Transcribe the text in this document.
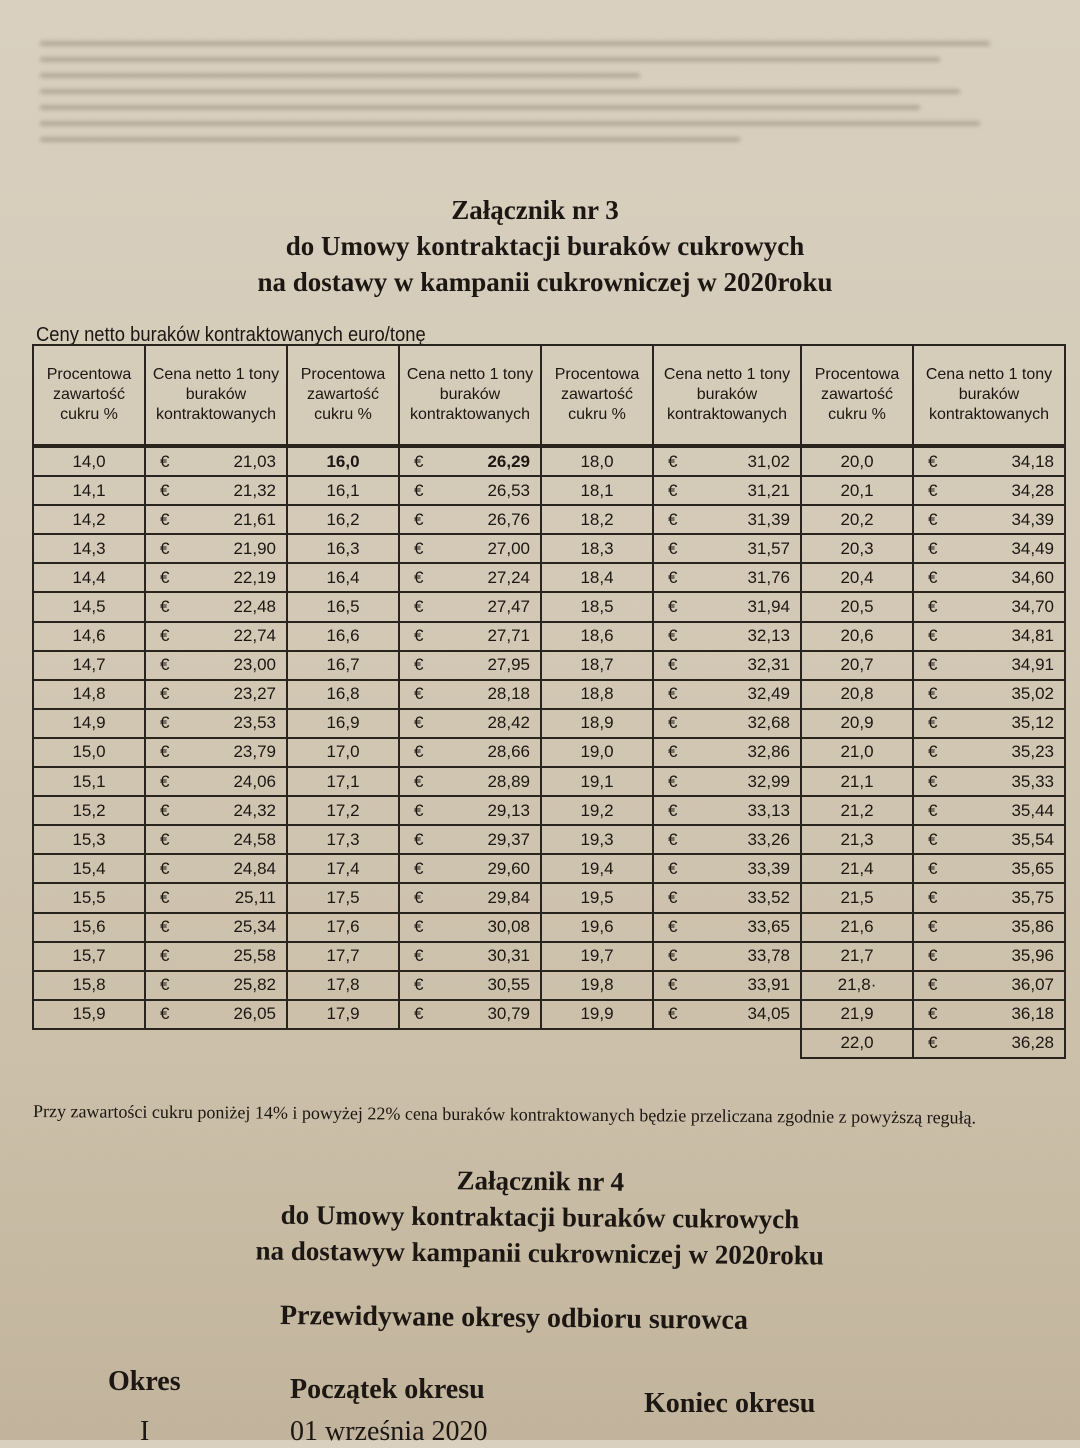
Załącznik nr 3
do Umowy kontraktacji buraków cukrowych
na dostawy w kampanii cukrowniczej w 2020roku
Ceny netto buraków kontraktowanych euro/tonę
Procentowa zawartość cukru %	Cena netto 1 tony buraków kontraktowanych		Procentowa zawartość cukru %	Cena netto 1 tony buraków kontraktowanych		Procentowa zawartość cukru %	Cena netto 1 tony buraków kontraktowanych		Procentowa zawartość cukru %	Cena netto 1 tony buraków kontraktowanych	
14,0	€	21,03	16,0	€	26,29	18,0	€	31,02	20,0	€	34,18
14,1	€	21,32	16,1	€	26,53	18,1	€	31,21	20,1	€	34,28
14,2	€	21,61	16,2	€	26,76	18,2	€	31,39	20,2	€	34,39
14,3	€	21,90	16,3	€	27,00	18,3	€	31,57	20,3	€	34,49
14,4	€	22,19	16,4	€	27,24	18,4	€	31,76	20,4	€	34,60
14,5	€	22,48	16,5	€	27,47	18,5	€	31,94	20,5	€	34,70
14,6	€	22,74	16,6	€	27,71	18,6	€	32,13	20,6	€	34,81
14,7	€	23,00	16,7	€	27,95	18,7	€	32,31	20,7	€	34,91
14,8	€	23,27	16,8	€	28,18	18,8	€	32,49	20,8	€	35,02
14,9	€	23,53	16,9	€	28,42	18,9	€	32,68	20,9	€	35,12
15,0	€	23,79	17,0	€	28,66	19,0	€	32,86	21,0	€	35,23
15,1	€	24,06	17,1	€	28,89	19,1	€	32,99	21,1	€	35,33
15,2	€	24,32	17,2	€	29,13	19,2	€	33,13	21,2	€	35,44
15,3	€	24,58	17,3	€	29,37	19,3	€	33,26	21,3	€	35,54
15,4	€	24,84	17,4	€	29,60	19,4	€	33,39	21,4	€	35,65
15,5	€	25,11	17,5	€	29,84	19,5	€	33,52	21,5	€	35,75
15,6	€	25,34	17,6	€	30,08	19,6	€	33,65	21,6	€	35,86
15,7	€	25,58	17,7	€	30,31	19,7	€	33,78	21,7	€	35,96
15,8	€	25,82	17,8	€	30,55	19,8	€	33,91	21,8·	€	36,07
15,9	€	26,05	17,9	€	30,79	19,9	€	34,05	21,9	€	36,18
									22,0	€	36,28
Przy zawartości cukru poniżej 14% i powyżej 22% cena buraków kontraktowanych będzie przeliczana zgodnie z powyższą regułą.
Załącznik nr 4
do Umowy kontraktacji buraków cukrowych
na dostawyw kampanii cukrowniczej w 2020roku
Przewidywane okresy odbioru surowca
Okres	Początek okresu	Koniec okresu
I	01 września 2020
